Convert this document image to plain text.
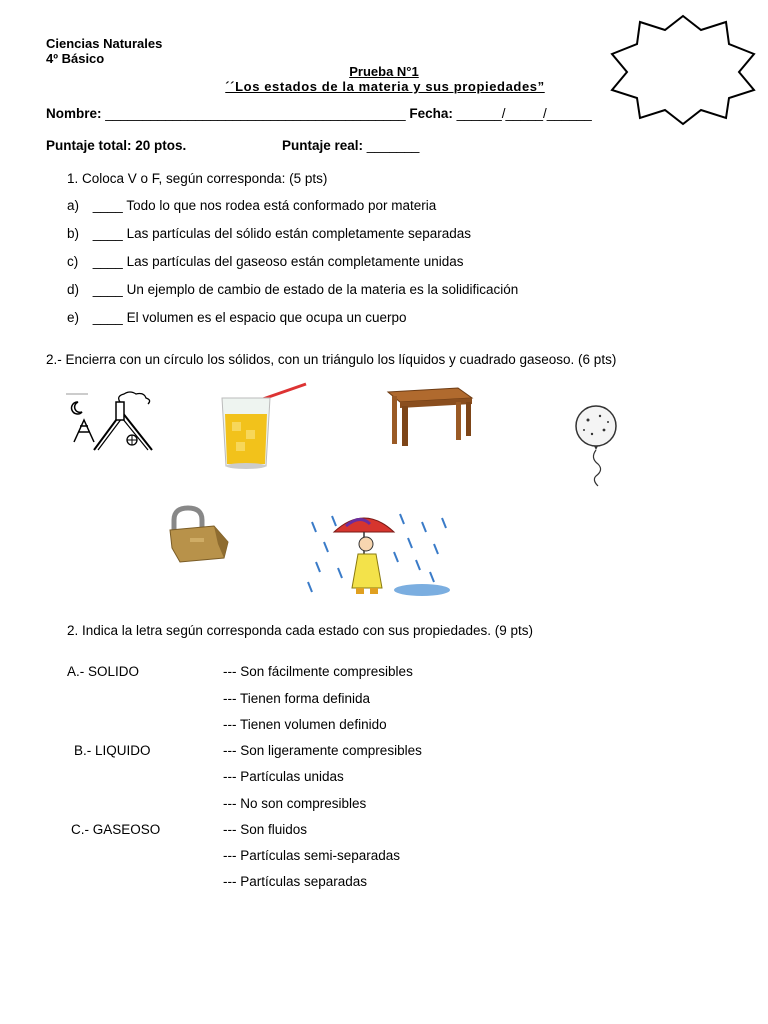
Ciencias Naturales
4º Básico
Prueba N°1
´´Los estados de la materia y sus propiedades”
Nombre: ________________________________________ Fecha: ______/_____/______
Puntaje total: 20 ptos.	Puntaje real: _______
1. Coloca V o F, según corresponda: (5 pts)
a) ____ Todo lo que nos rodea está conformado por materia
b) ____ Las partículas del sólido están completamente separadas
c) ____ Las partículas del gaseoso están completamente unidas
d) ____ Un ejemplo de cambio de estado de la materia es la solidificación
e) ____ El volumen es el espacio que ocupa un cuerpo
2.- Encierra con un círculo los sólidos, con un triángulo los líquidos y cuadrado gaseoso. (6 pts)
2. Indica la letra según corresponda cada estado con sus propiedades. (9 pts)
A.- SOLIDO
B.- LIQUIDO
C.- GASEOSO
--- Son fácilmente compresibles
--- Tienen forma definida
--- Tienen volumen definido
--- Son ligeramente compresibles
--- Partículas unidas
--- No son compresibles
--- Son fluidos
--- Partículas semi-separadas
--- Partículas separadas
